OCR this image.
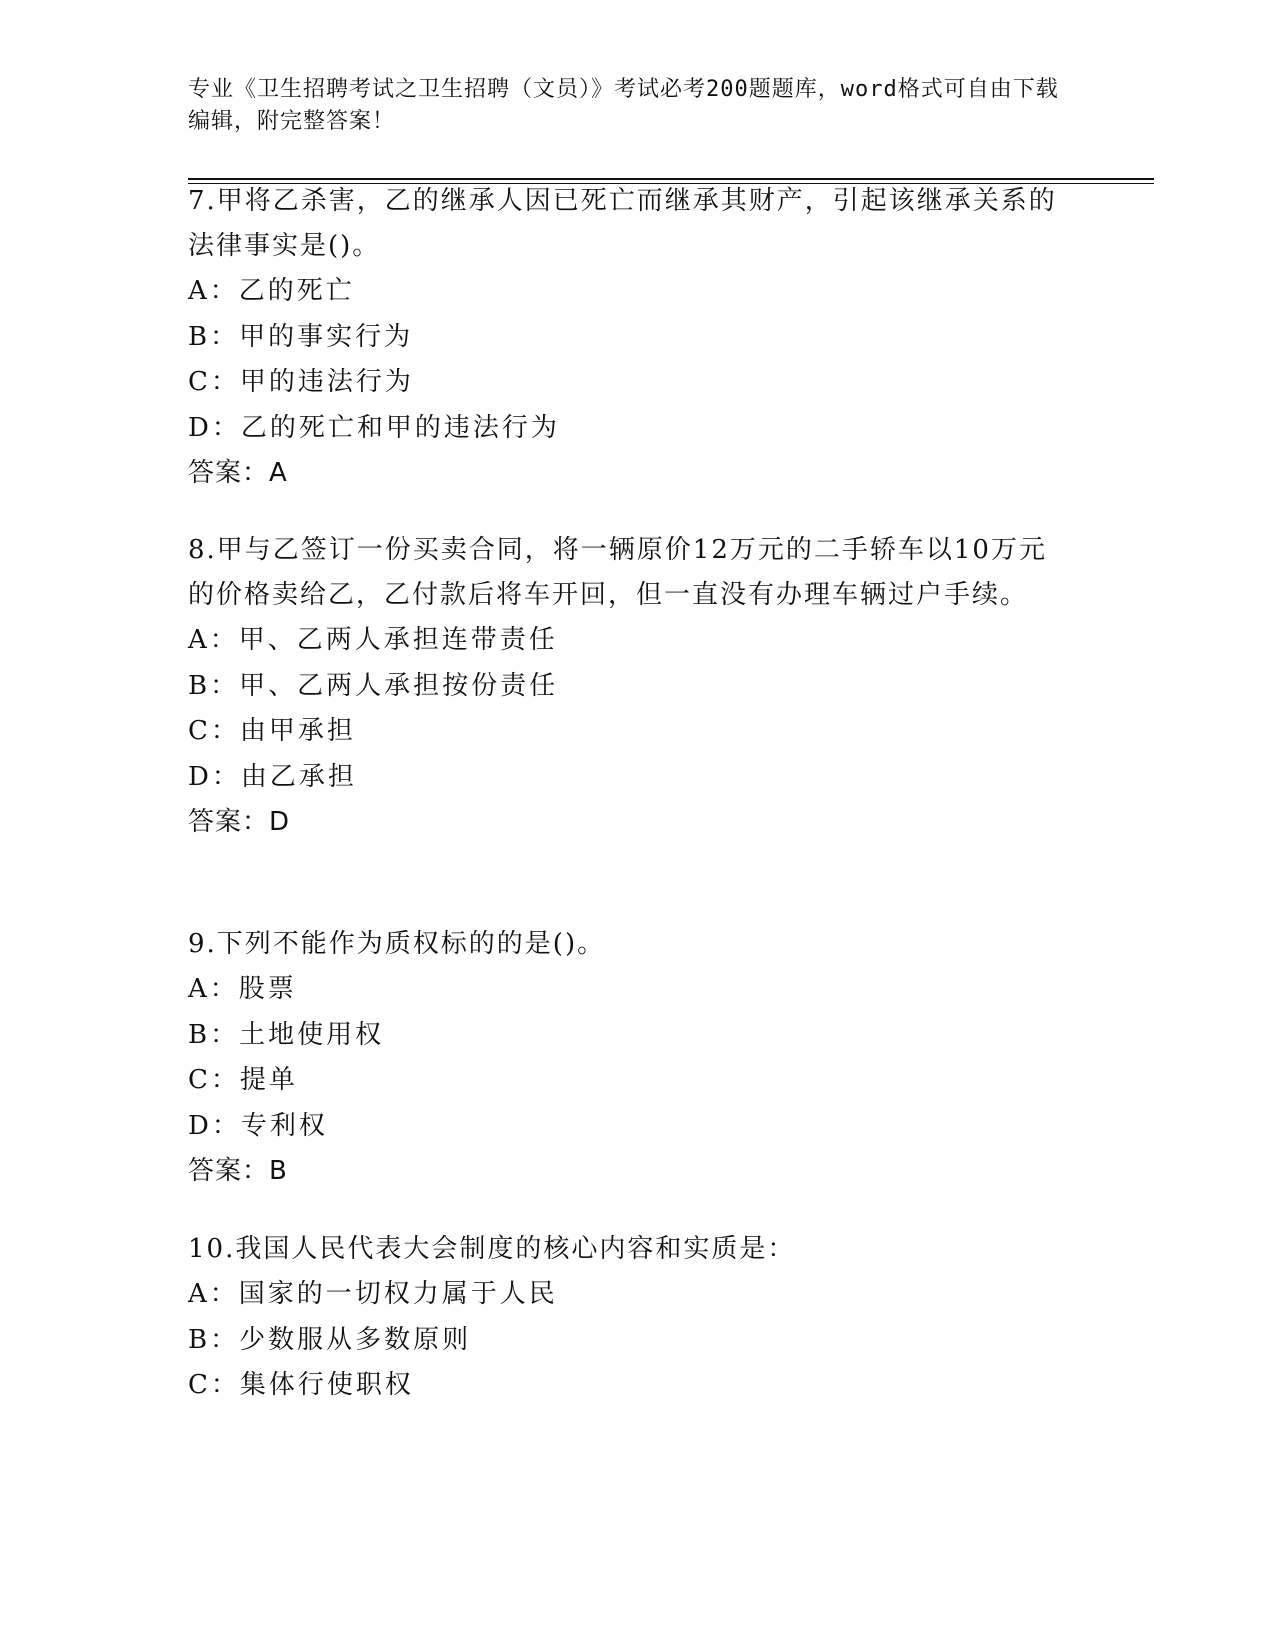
专业《卫生招聘考试之卫生招聘（文员）》考试必考200题题库，word格式可自由下载编辑，附完整答案！
7.甲将乙杀害，乙的继承人因已死亡而继承其财产，引起该继承关系的法律事实是()。
A：乙的死亡
B：甲的事实行为
C：甲的违法行为
D：乙的死亡和甲的违法行为
答案：A
8.甲与乙签订一份买卖合同，将一辆原价12万元的二手轿车以10万元的价格卖给乙，乙付款后将车开回，但一直没有办理车辆过户手续。
A：甲、乙两人承担连带责任
B：甲、乙两人承担按份责任
C：由甲承担
D：由乙承担
答案：D
9.下列不能作为质权标的的是()。
A：股票
B：土地使用权
C：提单
D：专利权
答案：B
10.我国人民代表大会制度的核心内容和实质是：
A：国家的一切权力属于人民
B：少数服从多数原则
C：集体行使职权
